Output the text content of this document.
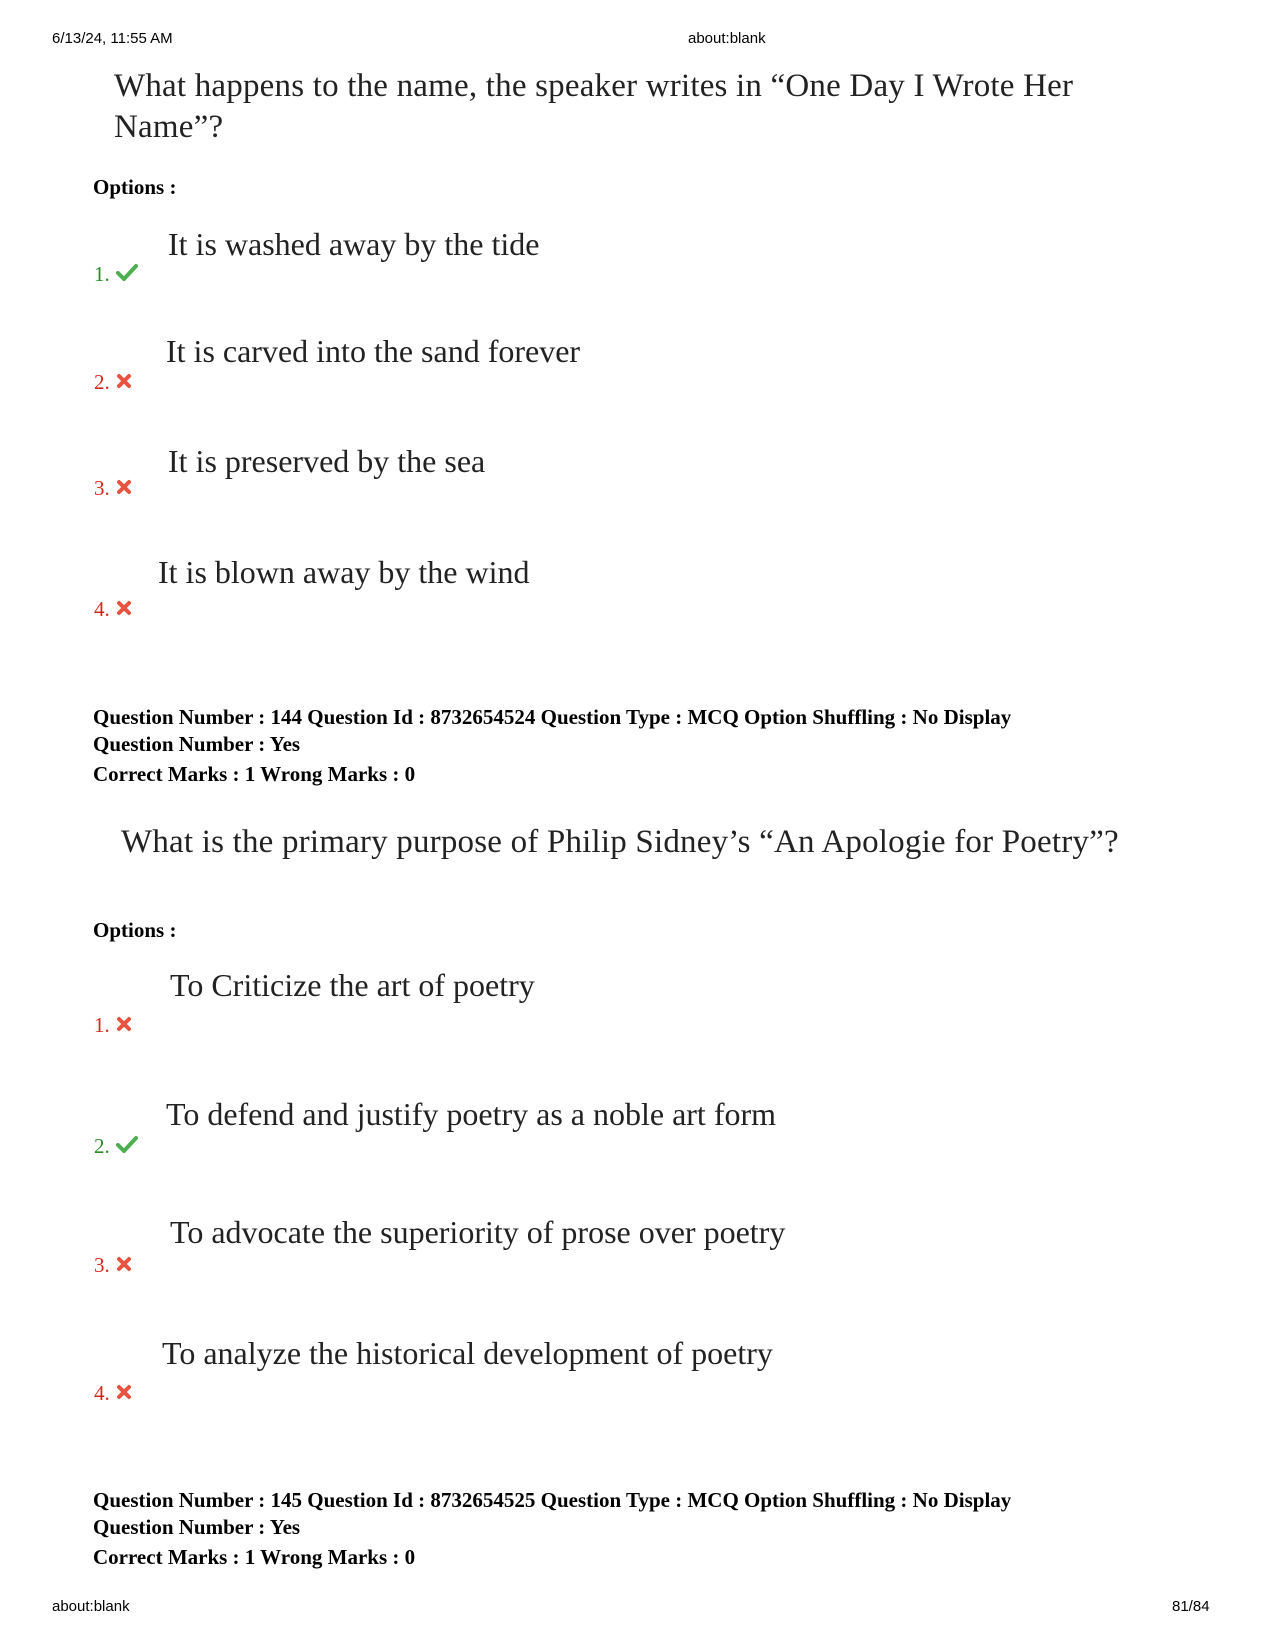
6/13/24, 11:55 AM	about:blank
What happens to the name, the speaker writes in “One Day I Wrote Her Name”?
Options :
It is washed away by the tide
1.
It is carved into the sand forever
2.
It is preserved by the sea
3.
It is blown away by the wind
4.
Question Number : 144 Question Id : 8732654524 Question Type : MCQ Option Shuffling : No Display
Question Number : Yes
Correct Marks : 1 Wrong Marks : 0
What is the primary purpose of Philip Sidney’s “An Apologie for Poetry”?
Options :
To Criticize the art of poetry
1.
To defend and justify poetry as a noble art form
2.
To advocate the superiority of prose over poetry
3.
To analyze the historical development of poetry
4.
Question Number : 145 Question Id : 8732654525 Question Type : MCQ Option Shuffling : No Display
Question Number : Yes
Correct Marks : 1 Wrong Marks : 0
about:blank	81/84
